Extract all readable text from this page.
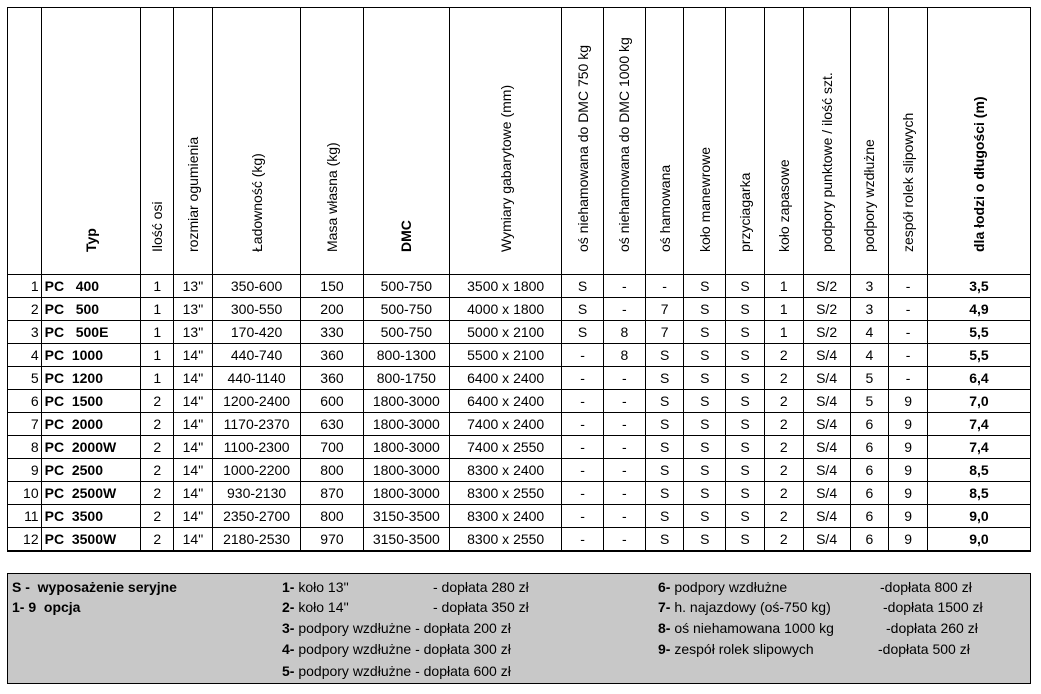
	Typ	Ilość osi	rozmiar ogumienia	Ładowność (kg)	Masa własna (kg)	DMC	Wymiary gabarytowe (mm)	oś niehamowana do DMC 750 kg	oś niehamowana do DMC 1000 kg	oś hamowana	koło manewrowe	przyciagarka	koło zapasowe	podpory punktowe / ilość szt.	podpory wzdłużne	zespół rolek slipowych	dla łodzi o długości (m)

1	PC   400	1	13"	350-600	150	500-750	3500 x 1800	S	-	-	S	S	1	S/2	3	-	3,5
2	PC   500	1	13"	300-550	200	500-750	4000 x 1800	S	-	7	S	S	1	S/2	3	-	4,9
3	PC   500E	1	13"	170-420	330	500-750	5000 x 2100	S	8	7	S	S	1	S/2	4	-	5,5
4	PC  1000	1	14"	440-740	360	800-1300	5500 x 2100	-	8	S	S	S	2	S/4	4	-	5,5
5	PC  1200	1	14"	440-1140	360	800-1750	6400 x 2400	-	-	S	S	S	2	S/4	5	-	6,4
6	PC  1500	2	14"	1200-2400	600	1800-3000	6400 x 2400	-	-	S	S	S	2	S/4	5	9	7,0
7	PC  2000	2	14"	1170-2370	630	1800-3000	7400 x 2400	-	-	S	S	S	2	S/4	6	9	7,4
8	PC  2000W	2	14"	1100-2300	700	1800-3000	7400 x 2550	-	-	S	S	S	2	S/4	6	9	7,4
9	PC  2500	2	14"	1000-2200	800	1800-3000	8300 x 2400	-	-	S	S	S	2	S/4	6	9	8,5
10	PC  2500W	2	14"	930-2130	870	1800-3000	8300 x 2550	-	-	S	S	S	2	S/4	6	9	8,5
11	PC  3500	2	14"	2350-2700	800	3150-3500	8300 x 2400	-	-	S	S	S	2	S/4	6	9	9,0
12	PC  3500W	2	14"	2180-2530	970	3150-3500	8300 x 2550	-	-	S	S	S	2	S/4	6	9	9,0
S -  wyposażenie seryjne
1- 9  opcja
1- koło 13''	- dopłata 280 zł
2- koło 14''	- dopłata 350 zł
3- podpory wzdłużne - dopłata 200 zł
4- podpory wzdłużne - dopłata 300 zł
5- podpory wzdłużne - dopłata 600 zł
6- podpory wzdłużne	-dopłata 800 zł
7- h. najazdowy (oś-750 kg)	-dopłata 1500 zł
8- oś niehamowana 1000 kg	-dopłata 260 zł
9- zespół rolek slipowych	-dopłata 500 zł
